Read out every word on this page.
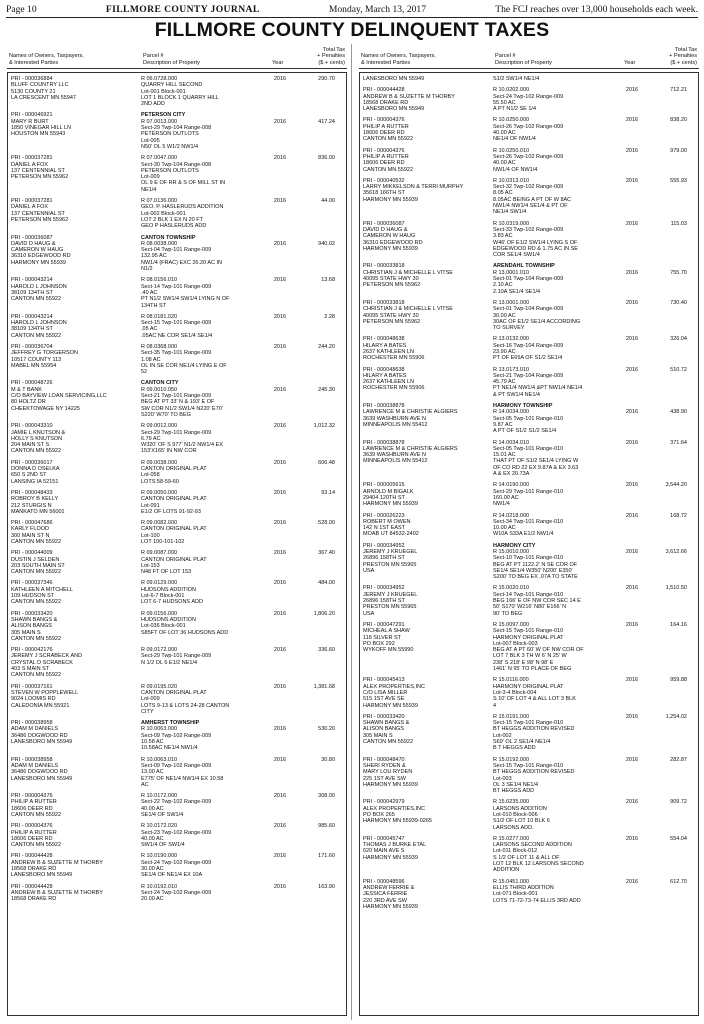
Page 10	FILLMORE COUNTY JOURNAL	Monday, March 13, 2017	The FCJ reaches over 13,000 households each week.
FILLMORE COUNTY DELINQUENT TAXES
Names of Owners, Taxpayers,
& Interested Parties
Parcel #
Description of Property	Year
Total Tax
+ Penalties
($ + cents)
PRI - 000036884
BLUFF COUNTRY LLC
5130 COUNTY 21
LA CRESCENT MN 55947
R 06.0728.000
QUARRY HILL SECOND
Lot-001 Block-001
LOT 1 BLOCK 1 QUARRY HILL
2ND ADD
2016	290.70
PRI - 000046921
MARY R BURT
1850 VINEGAR HILL LN
HOUSTON MN 55943
PETERSON CITY
R 07.0013.000
Sect-29 Twp-104 Range-008
PETERSON OUTLOTS
Lot-005
N50' OL 5 W1/2 NW1/4
2016	417.24
PRI - 000037281
DANIEL A FOX
137 CENTENNIAL ST
PETERSON MN 55962
R 07.0047.000
Sect-30 Twp-104 Range-008
PETERSON OUTLOTS
Lot-009
OL 9 E OF RR & S OF MILL ST IN
NE1/4
2016	836.00
PRI - 000037281
DANIEL A FOX
137 CENTENNIAL ST
PETERSON MN 55962
R 07.0136.000
GEO. P. HASLERUDS ADDITION
Lot-002 Block-001
LOT 2 BLK 1 EX N 20 FT
GEO P HASLERUDS ADD
2016	44.00
PRI - 000036087
DAVID D HAUG &
CAMERON W HAUG
36310 EDGEWOOD RD
HARMONY MN 55939
CANTON TOWNSHIP
R 08.0038.000
Sect-04 Twp-101 Range-009
132.95 AC
NW1/4 (FRAC) EXC 26.20 AC IN
N1/2
2016	940.02
PRI - 000043214
HAROLD L JOHNSON
38109 134TH ST
CANTON MN 55922
R 08.0156.010
Sect-14 Twp-101 Range-009
.40 AC
PT N1/2 SW1/4 SW1/4 LYING N OF
134TH ST
2016	13.68
PRI - 000043214
HAROLD L JOHNSON
38109 134TH ST
CANTON MN 55922
R 08.0181.020
Sect-15 Twp-101 Range-009
.05 AC
.05AC NE COR SE1/4 SE1/4
2016	2.28
PRI - 000036704
JEFFREY G TORGERSON
10517 COUNTY 113
MABEL MN 55954
R 08.0368.000
Sect-35 Twp-101 Range-009
1.08 AC
OL IN SE COR NE1/4 LYING E OF
52
2016	244.20
PRI - 000048726
M & T BANK
C/O BAYVIEW LOAN SERVICING,LLC
80 HOLTZ DR
CHEEKTOWAGE NY 14225
CANTON CITY
R 09.0010.050
Sect-21 Twp-101 Range-009
BEG AT PT 33' N & 193' E OF
SW COR N1/2 SW1/4 N220' E70'
S220' W70' TO BEG
2016	245.30
PRI - 000043310
JAMIE L KNUTSON &
HOLLY S KNUTSON
204 MAIN ST S
CANTON MN 55922
R 09.0012.000
Sect-29 Twp-101 Range-009
6.79 AC
W320' OF S 977' N1/2 NW1/4 EX
153'X165' IN NW COR
2016	1,012.32
PRI - 000036017
DONNA D OSELKA
650 S 2ND ST
LANSING IA 52151
R 09.0038.000
CANTON ORIGINAL PLAT
Lot-058
LOTS 58-59-60
2016	606.48
PRI - 000048433
ROBROY B KELLY
212 STURGIS N
MANKATO MN 56001
R 09.0050.000
CANTON ORIGINAL PLAT
Lot-091
E1/2 OF LOTS 91-92-93
2016	93.14
PRI - 000047686
KARLY FLOOD
300 MAIN ST N
CANTON MN 55922
R 09.0082.000
CANTON ORIGINAL PLAT
Lot-100
LOT 100-101-102
2016	528.00
PRI - 000044009
DUSTIN J SELDEN
203 SOUTH MAIN ST
CANTON MN 55922
R 09.0087.000
CANTON ORIGINAL PLAT
Lot-153
N48 FT OF LOT 153
2016	367.40
PRI - 000037346
KATHLEEN A MITCHELL
109 HUDSON ST
CANTON MN 55922
R 09.0129.000
HUDSONS ADDITION
Lot-6-7 Block-001
LOT 6-7 HUDSONS ADD
2016	484.00
PRI - 000033420
SHAWN BANGS &
ALISON BANGS
305 MAIN S
CANTON MN 55922
R 09.0156.000
HUDSONS ADDITION
Lot-036 Block-001
S85FT OF LOT 36 HUDSONS ADD
2016	1,806.20
PRI - 000042176
JEREMY J SCRABECK AND
CRYSTAL D SCRABECK
403 S MAIN ST
CANTON MN 55922
R 09.0172.000
Sect-29 Twp-101 Range-009
N 1/2 OL 6 E1/2 NE1/4
2016	336.60
PRI - 000037161
STEVEN W POPPLEWELL
9024 LOOMIS RD
CALEDONIA MN 55921
R 09.0195.020
CANTON ORIGINAL PLAT
Lot-009
LOTS 9-13 & LOTS 24-28 CANTON
CITY
2016	1,381.68
PRI - 000038958
ADAM M DANIELS
36486 DOGWOOD RD
LANESBORO MN 55949
AMHERST TOWNSHIP
R 10.0063.000
Sect-09 Twp-102 Range-009
10.58 AC
10.58AC NE1/4 NW1/4
2016	530.20
PRI - 000038958
ADAM M DANIELS
36486 DOGWOOD RD
LANESBORO MN 55949
R 10.0063.010
Sect-09 Twp-102 Range-009
13.00 AC
E775' OF NE1/4 NW1/4 EX 10.58
AC
2016	30.80
PRI - 000004376
PHILIP A RUTTER
18606 DEER RD
CANTON MN 55922
R 10.0172.000
Sect-22 Twp-102 Range-009
40.00 AC
SE1/4 OF SW1/4
2016	308.00
PRI - 000004376
PHILIP A RUTTER
18606 DEER RD
CANTON MN 55922
R 10.0172.020
Sect-23 Twp-102 Range-009
40.00 AC
SW1/4 OF SW1/4
2016	985.60
PRI - 000044428
ANDREW B & SUZETTE M THORBY
18568 DRAKE RD
LANESBORO MN 55949
R 10.0190.000
Sect-24 Twp-102 Range-009
30.00 AC
SE1/4 OF NE1/4 EX 10A
2016	171.60
PRI - 000044428
ANDREW B & SUZETTE M THORBY
18568 DRAKE RD
R 10.0192.010
Sect-24 Twp-102 Range-009
20.00 AC
2016	163.90
Names of Owners, Taxpayers,
& Interested Parties
Parcel #
Description of Property	Year
Total Tax
+ Penalties
($ + cents)
LANESBORO MN 55949	S1/2 SW1/4 NE1/4
PRI - 000044428
ANDREW B & SUZETTE M THORBY
18568 DRAKE RD
LANESBORO MN 55949
R 10.0202.000
Sect-24 Twp-102 Range-009
55.50 AC
A PT N1/2 SE 1/4
2016	712.21
PRI - 000004376
PHILIP A RUTTER
18606 DEER RD
CANTON MN 55922
R 10.0250.000
Sect-26 Twp-102 Range-009
40.00 AC
NE1/4 OF NW1/4
2016	838.20
PRI - 000004376
PHILIP A RUTTER
18606 DEER RD
CANTON MN 55922
R 10.0250.010
Sect-26 Twp-102 Range-009
40.00 AC
NW1/4 OF NW1/4
2016	979.00
PRI - 000040532
LARRY MIKKELSON & TERRI MURPHY
35618 166TH ST
HARMONY MN 55939
R 10.0313.010
Sect-32 Twp-102 Range-009
8.05 AC
8.05AC BEING A PT OF W 8AC
NW1/4 NW1/4 SE1/4 & PT OF
NE1/4 SW1/4
2016	555.93
PRI - 000036087
DAVID D HAUG &
CAMERON W HAUG
36310 EDGEWOOD RD
HARMONY MN 55939
R 10.0319.000
Sect-33 Twp-102 Range-009
3.83 AC
W46' OF E1/2 SW1/4 LYING S OF
EDGEWOOD RD & 1.75 AC IN SE
COR SE1/4 SW1/4
2016	115.03
PRI - 000033818
CHRISTIAN J & MICHELLE L VITSE
40095 STATE HWY 30
PETERSON MN 55962
ARENDAHL TOWNSHIP
R 13.0001.010
Sect-01 Twp-104 Range-009
2.10 AC
2.10A SE1/4 SE1/4
2016	755.70
PRI - 000033818
CHRISTIAN J & MICHELLE L VITSE
40095 STATE HWY 30
PETERSON MN 55962
R 13.0001.000
Sect-01 Twp-104 Range-009
30.00 AC
30AC OF E1/2 SE1/4 ACCORDING
TO SURVEY
2016	730.40
PRI - 000048638
HILARY A BATES
2637 KATHLEEN LN
ROCHESTER MN 55906
R 13.0132.000
Sect-16 Twp-104 Range-009
23.90 AC
PT OF E65A OF S1/2 SE1/4
2016	326.04
PRI - 000048638
HILARY A BATES
2637 KATHLEEN LN
ROCHESTER MN 55906
R 13.0173.010
Sect-21 Twp-104 Range-009
45.79 AC
PT NE1/4 NW1/4 &PT NW1/4 NE1/4
& PT SW1/4 NE1/4
2016	510.72
PRI - 000038878
LAWRENCE M & CHRISTIE ALGIERS
3639 WASHBURN AVE N
MINNEAPOLIS MN 55412
HARMONY TOWNSHIP
R 14.0034.000
Sect-05 Twp-101 Range-010
9.87 AC
A PT OF S1/2 S1/2 SE1/4
2016	438.90
PRI - 000038878
LAWRENCE M & CHRISTIE ALGIERS
3639 WASHBURN AVE N
MINNEAPOLIS MN 55412
R 14.0034.010
Sect-05 Twp-101 Range-010
15.01 AC
THAT PT OF S1/2 SE1/4 LYING W
OF CO RD 22 EX 9.87A & EX 3.63
A & EX 20.73A
2016	371.64
PRI - 000005615
ARNOLD M BIGALK
29404 120TH ST
HARMONY MN 55939
R 14.0190.000
Sect-29 Twp-101 Range-010
160.00 AC
NW1/4
2016	3,544.20
PRI - 000026223
ROBERT M OWEN
142 N 1ST EAST
MOAB UT 84532-2402
R 14.0218.000
Sect-34 Twp-101 Range-010
10.00 AC
W10A S33A E1/2 NW1/4
2016	168.72
PRI - 000034952
JEREMY J KRUEGEL
26896 158TH ST
PRESTON MN 55965
USA
HARMONY CITY
R 15.0010.000
Sect-10 Twp-101 Range-010
BEG AT PT 1122.2' N SE COR OF
SE1/4 SE1/4 W350' N200' E350'
S200' TO BEG EX .07A TO STATE
2016	3,612.66
PRI - 000034952
JEREMY J KRUEGEL
26896 158TH ST
PRESTON MN 55965
USA
R 15.0020.010
Sect-14 Twp-101 Range-010
BEG 166' E OF NW COR SEC 14 E
50' S170' W216' N80' E166' N
90' TO BEG
2016	1,510.50
PRI - 000047291
MICHEAL A SHAW
118 SILVER ST
PO BOX 292
WYKOFF MN 55990
R 15.0097.000
Sect-15 Twp-101 Range-010
HARMONY ORIGINAL PLAT
Lot-007 Block-003
BEG AT A PT 60' W OF NW COR OF
LOT 7 BLK 3 TH W 6' N 25' W
238' S 218' E 98' N 98' E
1461' N 95' TO PLACE OF BEG
2016	164.16
PRI - 000045413
ALEX PROPERTIES,INC
C/O LISA MILLER
515 1ST AVE SE
HARMONY MN 55939
R 15.0116.000
HARMONY ORIGINAL PLAT
Lot-3-4 Block-004
S 10' OF LOT 4 & ALL LOT 3 BLK
4
2016	959.88
PRI - 000033420
SHAWN BANGS &
ALISON BANGS
305 MAIN S
CANTON MN 55922
R 15.0191.000
Sect-15 Twp-101 Range-010
BT HEGGS ADDITION REVISED
Lot-002
S69' OL 2 SE1/4 NE1/4
B T HEGGS ADD
2016	1,254.02
PRI - 000048470
SHERI RYDEN &
MARY LOU RYDEN
225 1ST AVE SW
HARMONY MN 55939
R 15.0192.000
Sect-15 Twp-101 Range-010
BT HEGGS ADDITION REVISED
Lot-003
OL 3 SE1/4 NE1/4
BT HEGGS ADD
2016	282.87
PRI - 000042979
ALEX PROPERTIES,INC
PO BOX 265
HARMONY MN 55939-0265
R 15.0235.000
LARSONS ADDITION
Lot-010 Block-006
S1/2 OF LOT 10 BLK 6
LARSONS ADD.
2016	909.72
PRI - 000045747
THOMAS J BURKE ETAL
620 MAIN AVE S
HARMONY MN 55939
R 15.0277.000
LARSONS SECOND ADDITION
Lot-011 Block-012
S 1/2 OF LOT 11 & ALL OF
LOT 12 BLK 12 LARSONS SECOND
ADDITION
2016	554.04
PRI - 000048596
ANDREW FERRIE &
JESSICA FERRIE
220 3RD AVE SW
HARMONY MN 55939
R 15.0451.000
ELLIS THIRD ADDITION
Lot-071 Block-001
LOTS 71-72-73-74 ELLIS 3RD ADD
2016	612.70
